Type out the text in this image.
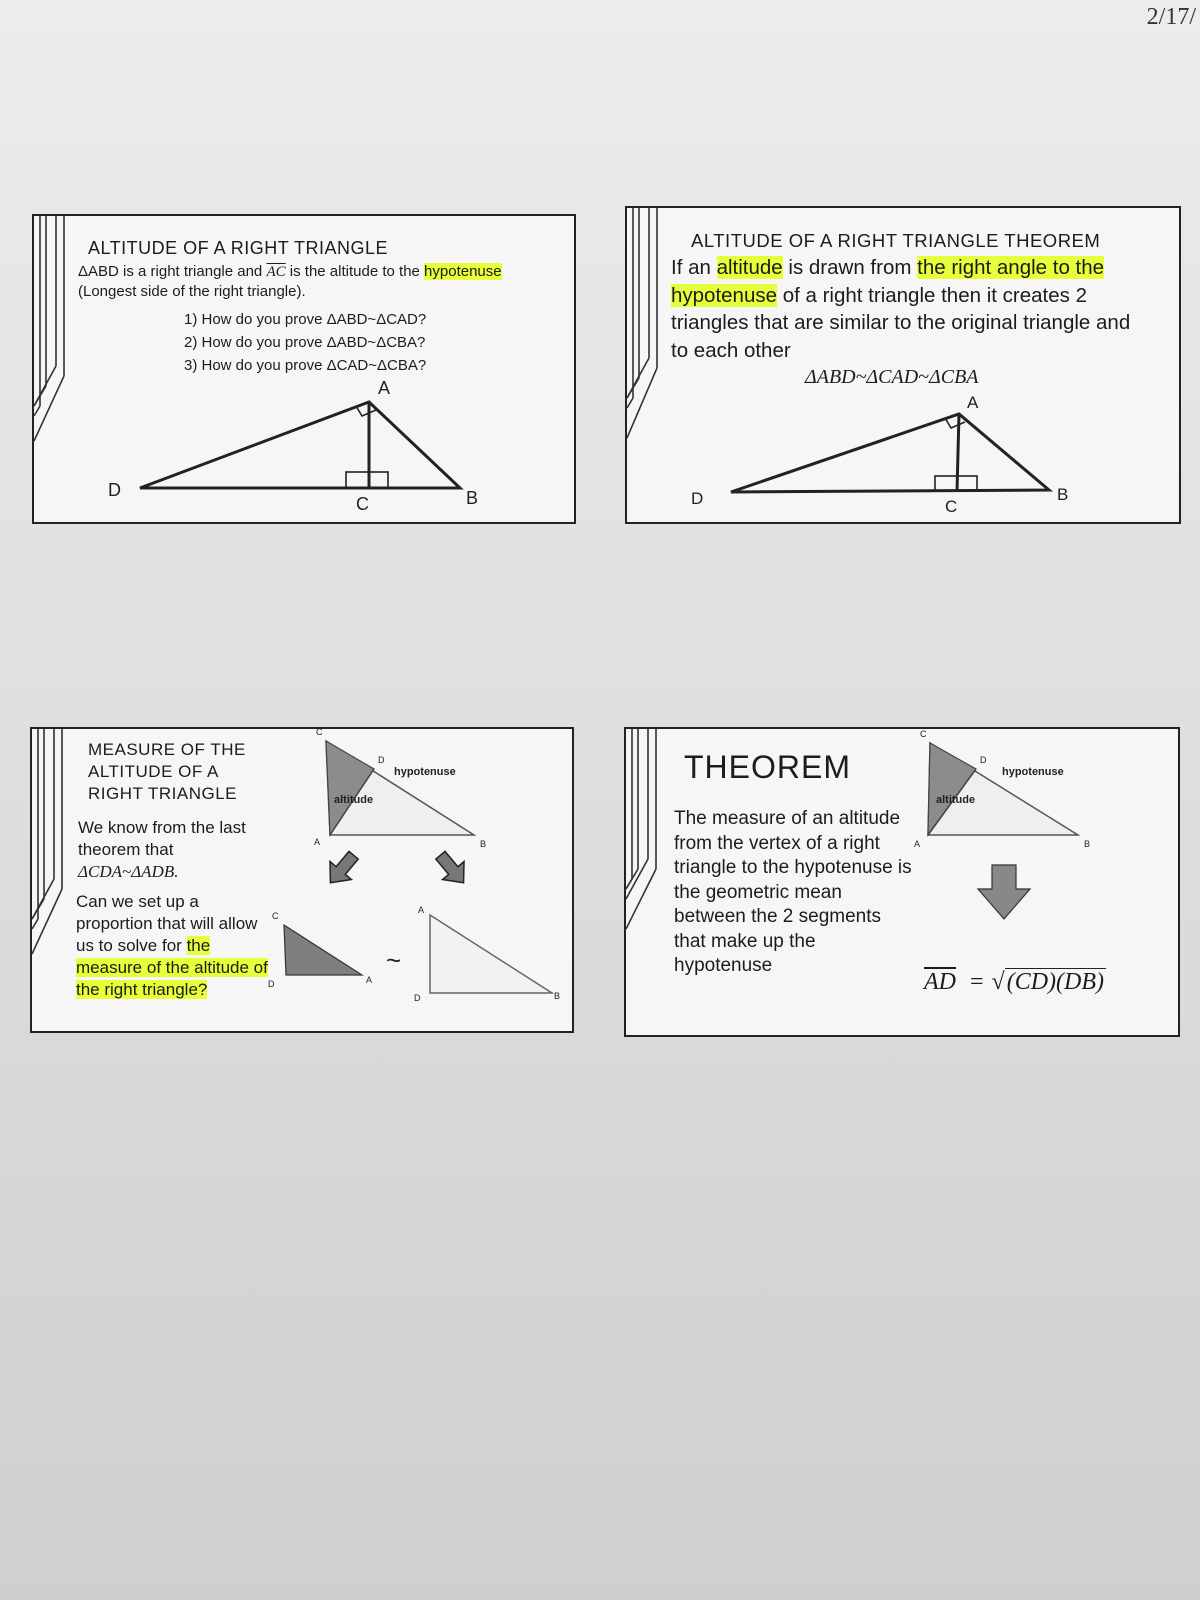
2/17/
ALTITUDE OF A RIGHT TRIANGLE
ΔABD is a right triangle and $\overline{AC}$ is the altitude to the hypotenuse
(Longest side of the right triangle).
1) How do you prove ΔABD~ΔCAD?
2) How do you prove ΔABD~ΔCBA?
3) How do you prove ΔCAD~ΔCBA?
A
B
C
D
ALTITUDE OF A RIGHT TRIANGLE THEOREM
If an altitude is drawn from the right angle to the hypotenuse of a right triangle then it creates 2 triangles that are similar to the original triangle and to each other
ΔABD~ΔCAD~ΔCBA
A
B
C
D
MEASURE OF THE ALTITUDE OF A RIGHT TRIANGLE
We know from the last theorem that
ΔCDA~ΔADB.
Can we set up a proportion that will allow us to solve for the measure of the altitude of the right triangle?
C
D
A	B
hypotenuse
altitude
C
A
D
~
A
D	B
THEOREM
The measure of an altitude from the vertex of a right triangle to the hypotenuse is the geometric mean between the 2 segments that make up the hypotenuse
C
D
A	B
hypotenuse
altitude
$\overline{AD} = √(CD)(DB)$
